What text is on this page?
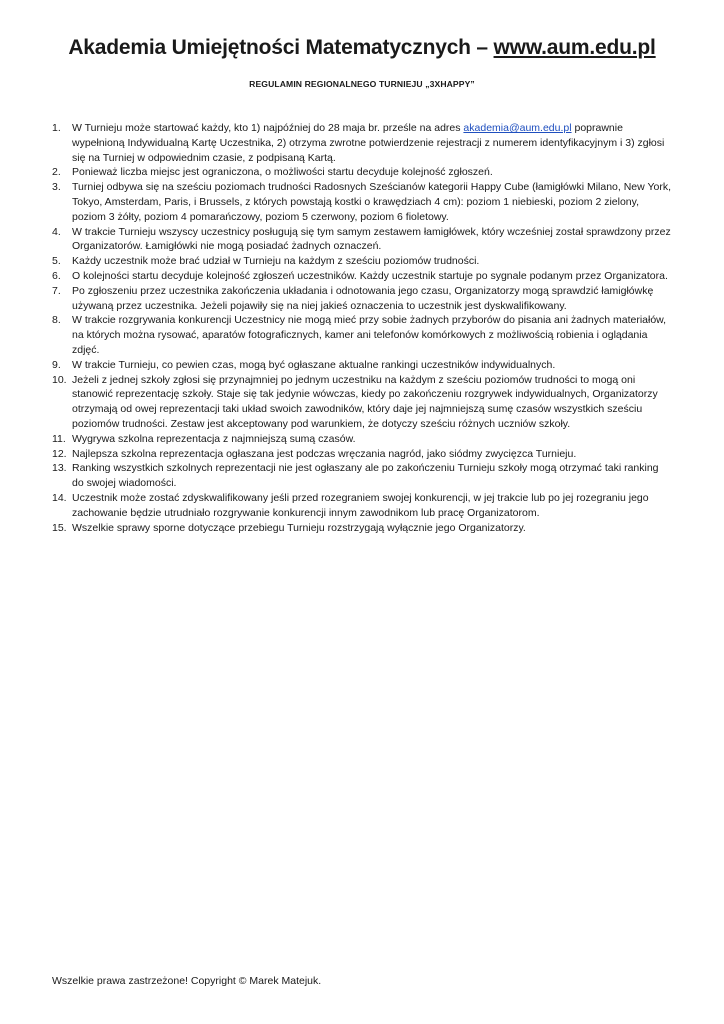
Akademia Umiejętności Matematycznych – www.aum.edu.pl
REGULAMIN REGIONALNEGO TURNIEJU „3XHAPPY”
1. W Turnieju może startować każdy, kto 1) najpóźniej do 28 maja br. prześle na adres akademia@aum.edu.pl poprawnie wypełnioną Indywidualną Kartę Uczestnika, 2) otrzyma zwrotne potwierdzenie rejestracji z numerem identyfikacyjnym i 3) zgłosi się na Turniej w odpowiednim czasie, z podpisaną Kartą.
2. Ponieważ liczba miejsc jest ograniczona, o możliwości startu decyduje kolejność zgłoszeń.
3. Turniej odbywa się na sześciu poziomach trudności Radosnych Sześcianów kategorii Happy Cube (łamigłówki Milano, New York, Tokyo, Amsterdam, Paris, i Brussels, z których powstają kostki o krawędziach 4 cm): poziom 1 niebieski, poziom 2 zielony, poziom 3 żółty, poziom 4 pomarańczowy, poziom 5 czerwony, poziom 6 fioletowy.
4. W trakcie Turnieju wszyscy uczestnicy posługują się tym samym zestawem łamigłówek, który wcześniej został sprawdzony przez Organizatorów. Łamigłówki nie mogą posiadać żadnych oznaczeń.
5. Każdy uczestnik może brać udział w Turnieju na każdym z sześciu poziomów trudności.
6. O kolejności startu decyduje kolejność zgłoszeń uczestników. Każdy uczestnik startuje po sygnale podanym przez Organizatora.
7. Po zgłoszeniu przez uczestnika zakończenia układania i odnotowania jego czasu, Organizatorzy mogą sprawdzić łamigłówkę używaną przez uczestnika. Jeżeli pojawiły się na niej jakieś oznaczenia to uczestnik jest dyskwalifikowany.
8. W trakcie rozgrywania konkurencji Uczestnicy nie mogą mieć przy sobie żadnych przyborów do pisania ani żadnych materiałów, na których można rysować, aparatów fotograficznych, kamer ani telefonów komórkowych z możliwością robienia i oglądania zdjęć.
9. W trakcie Turnieju, co pewien czas, mogą być ogłaszane aktualne rankingi uczestników indywidualnych.
10. Jeżeli z jednej szkoły zgłosi się przynajmniej po jednym uczestniku na każdym z sześciu poziomów trudności to mogą oni stanowić reprezentację szkoły. Staje się tak jedynie wówczas, kiedy po zakończeniu rozgrywek indywidualnych, Organizatorzy otrzymają od owej reprezentacji taki układ swoich zawodników, który daje jej najmniejszą sumę czasów wszystkich sześciu poziomów trudności. Zestaw jest akceptowany pod warunkiem, że dotyczy sześciu różnych uczniów szkoły.
11. Wygrywa szkolna reprezentacja z najmniejszą sumą czasów.
12. Najlepsza szkolna reprezentacja ogłaszana jest podczas wręczania nagród, jako siódmy zwycięzca Turnieju.
13. Ranking wszystkich szkolnych reprezentacji nie jest ogłaszany ale po zakończeniu Turnieju szkoły mogą otrzymać taki ranking do swojej wiadomości.
14. Uczestnik może zostać zdyskwalifikowany jeśli przed rozegraniem swojej konkurencji, w jej trakcie lub po jej rozegraniu jego zachowanie będzie utrudniało rozgrywanie konkurencji innym zawodnikom lub pracę Organizatorom.
15. Wszelkie sprawy sporne dotyczące przebiegu Turnieju rozstrzygają wyłącznie jego Organizatorzy.
Wszelkie prawa zastrzeżone! Copyright © Marek Matejuk.
